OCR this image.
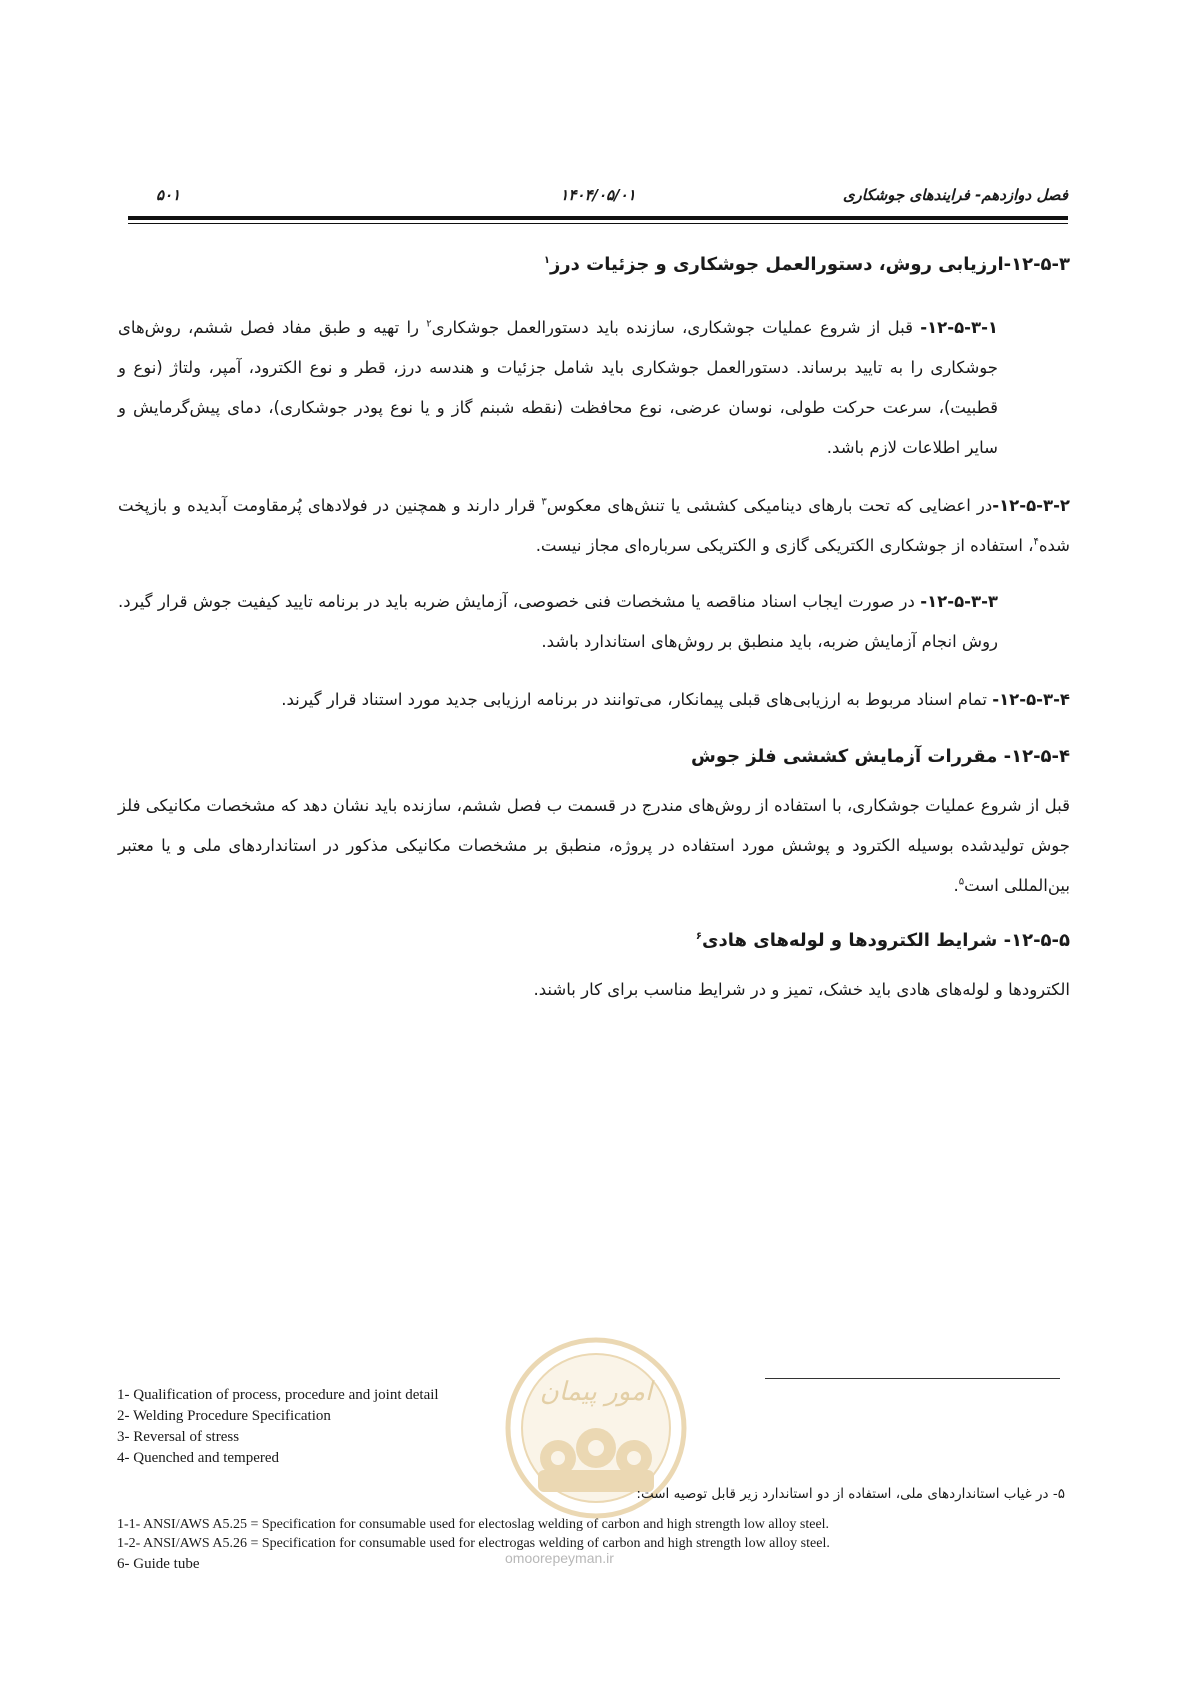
فصل دوازدهم- فرایندهای جوشکاری
۱۴۰۴/۰۵/۰۱
۵۰۱

۱۲-۵-۳-ارزیابی روش، دستورالعمل جوشکاری و جزئیات درز$^۱$

۱۲-۵-۳-۱- قبل از شروع عملیات جوشکاری، سازنده باید دستورالعمل جوشکاری$^۲$ را تهیه و طبق مفاد فصل ششم، روش‌های جوشکاری را به تایید برساند. دستورالعمل جوشکاری باید شامل جزئیات و هندسه درز، قطر و نوع الکترود، آمپر، ولتاژ (نوع و قطبیت)، سرعت حرکت طولی، نوسان عرضی، نوع محافظت (نقطه شبنم گاز و یا نوع پودر جوشکاری)، دمای پیش‌گرمایش و سایر اطلاعات لازم باشد.

۱۲-۵-۳-۲-در اعضایی که تحت بارهای دینامیکی کششی یا تنش‌های معکوس$^۳$ قرار دارند و همچنین در فولادهای پُرمقاومت آبدیده و بازپخت شده$^۴$، استفاده از جوشکاری الکتریکی گازی و الکتریکی سرباره‌ای مجاز نیست.

۱۲-۵-۳-۳- در صورت ایجاب اسناد مناقصه یا مشخصات فنی خصوصی، آزمایش ضربه باید در برنامه تایید کیفیت جوش قرار گیرد. روش انجام آزمایش ضربه، باید منطبق بر روش‌های استاندارد باشد.

۱۲-۵-۳-۴- تمام اسناد مربوط به ارزیابی‌های قبلی پیمانکار، می‌توانند در برنامه ارزیابی جدید مورد استناد قرار گیرند.

۱۲-۵-۴- مقررات آزمایش کششی فلز جوش

قبل از شروع عملیات جوشکاری، با استفاده از روش‌های مندرج در قسمت ب فصل ششم، سازنده باید نشان دهد که مشخصات مکانیکی فلز جوش تولیدشده بوسیله الکترود و پوشش مورد استفاده در پروژه، منطبق بر مشخصات مکانیکی مذکور در استانداردهای ملی و یا معتبر بین‌المللی است$^۵$.

۱۲-۵-۵- شرایط الکترودها و لوله‌های هادی$^۶$

الکترودها و لوله‌های هادی باید خشک، تمیز و در شرایط مناسب برای کار باشند.

امور پیمان
omoorepeyman.ir
1- Qualification of process, procedure and joint detail
2- Welding Procedure Specification
3- Reversal of stress
4- Quenched and tempered
۵- در غیاب استانداردهای ملی، استفاده از دو استاندارد زیر قابل توصیه است:
1-1- ANSI/AWS A5.25 = Specification for consumable used for electoslag welding of carbon and high strength low alloy steel.
1-2- ANSI/AWS A5.26 = Specification for consumable used for electrogas welding of carbon and high strength low alloy steel.
6- Guide tube
